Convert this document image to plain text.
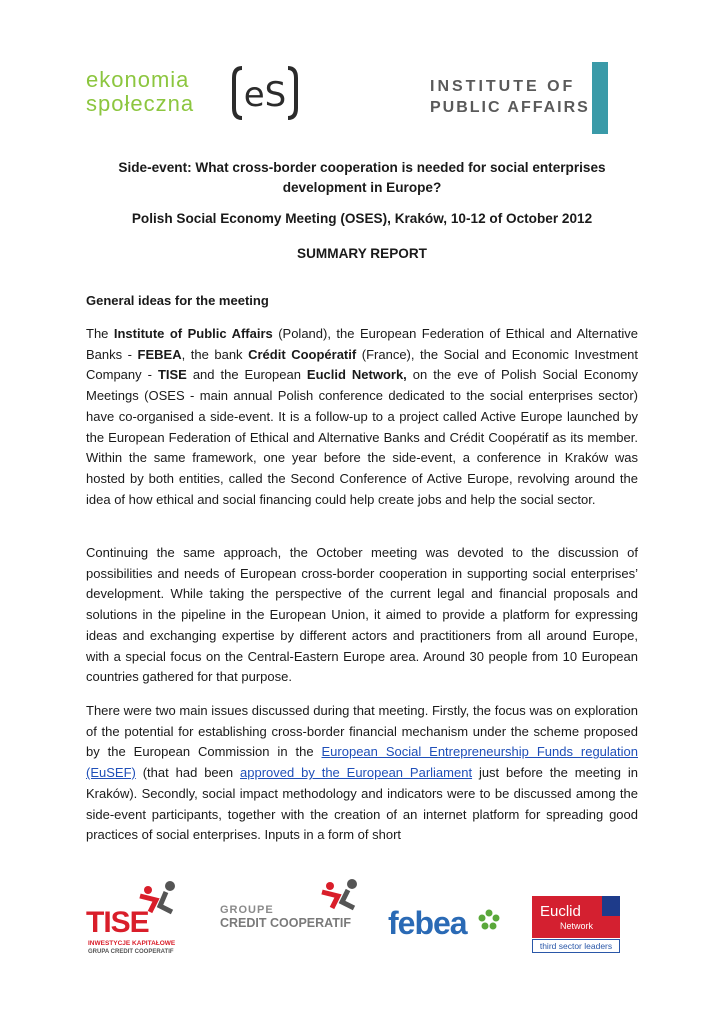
ekonomia
społeczna eS	INSTITUTE OF
PUBLIC AFFAIRS
Side-event: What cross-border cooperation is needed for social enterprises development in Europe?
Polish Social Economy Meeting (OSES), Kraków, 10-12 of October 2012
SUMMARY REPORT
General ideas for the meeting

The Institute of Public Affairs (Poland), the European Federation of Ethical and Alternative Banks - FEBEA, the bank Crédit Coopératif (France), the Social and Economic Investment Company - TISE and the European Euclid Network, on the eve of Polish Social Economy Meetings (OSES - main annual Polish conference dedicated to the social enterprises sector) have co-organised a side-event. It is a follow-up to a project called Active Europe launched by the European Federation of Ethical and Alternative Banks and Crédit Coopératif as its member. Within the same framework, one year before the side-event, a conference in Kraków was hosted by both entities, called the Second Conference of Active Europe, revolving around the idea of how ethical and social financing could help create jobs and help the social sector.

Continuing the same approach, the October meeting was devoted to the discussion of possibilities and needs of European cross-border cooperation in supporting social enterprises’ development. While taking the perspective of the current legal and financial proposals and solutions in the pipeline in the European Union, it aimed to provide a platform for expressing ideas and exchanging expertise by different actors and practitioners from all around Europe, with a special focus on the Central-Eastern Europe area. Around 30 people from 10 European countries gathered for that purpose.

There were two main issues discussed during that meeting. Firstly, the focus was on exploration of the potential for establishing cross-border financial mechanism under the scheme proposed by the European Commission in the European Social Entrepreneurship Funds regulation (EuSEF) (that had been approved by the European Parliament just before the meeting in Kraków). Secondly, social impact methodology and indicators were to be discussed among the side-event participants, together with the creation of an internet platform for spreading good practices of social enterprises. Inputs in a form of short

TISE
INWESTYCJE KAPITAŁOWE
GRUPA CREDIT COOPERATIF
GROUPE
CREDIT COOPERATIF febea	Euclid
Network
third sector leaders
